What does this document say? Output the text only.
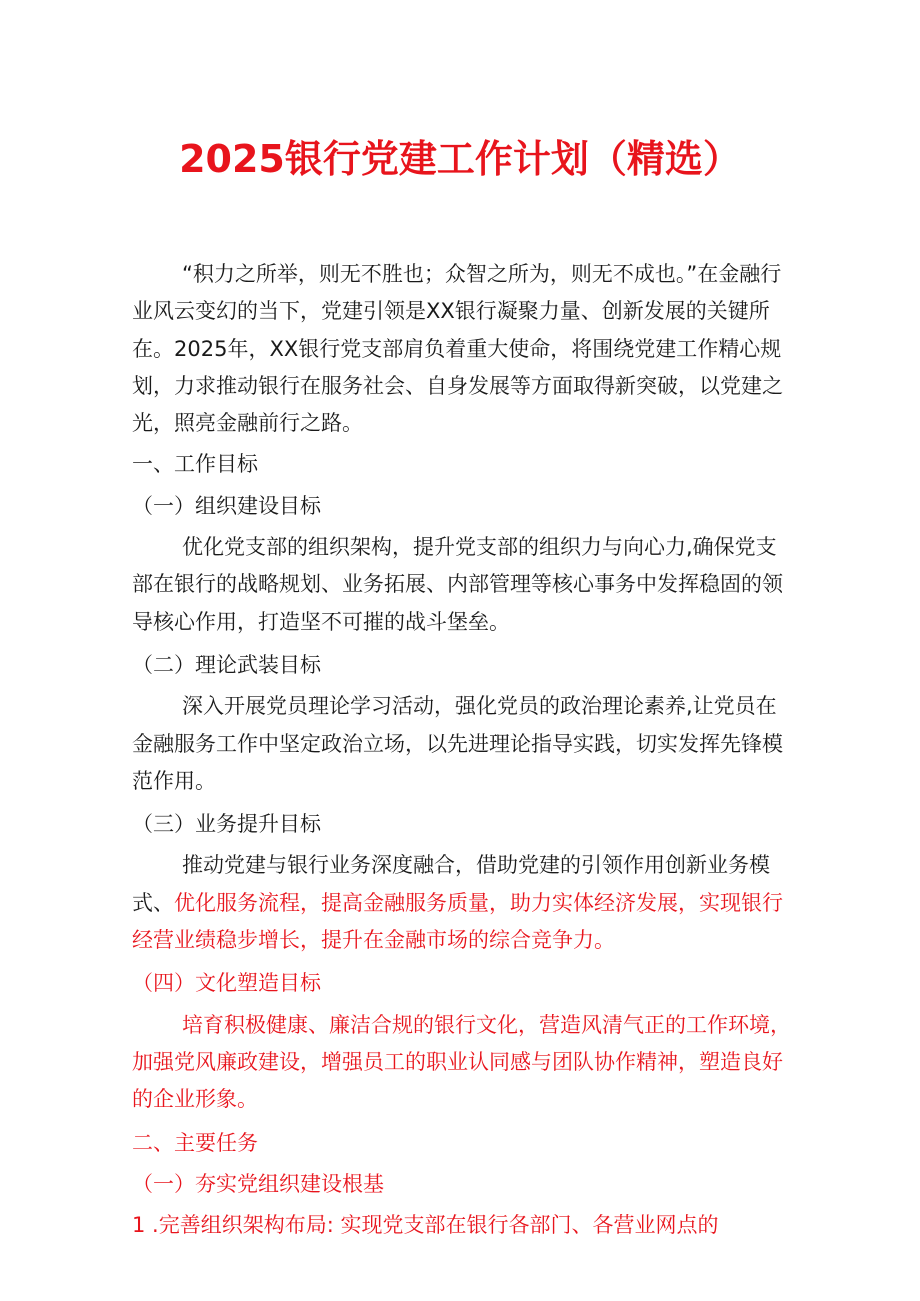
2025银行党建工作计划（精选）

“积力之所举，则无不胜也；众智之所为，则无不成也。”在金融行业风云变幻的当下，党建引领是XX银行凝聚力量、创新发展的关键所在。2025年，XX银行党支部肩负着重大使命，将围绕党建工作精心规划，力求推动银行在服务社会、自身发展等方面取得新突破，以党建之光，照亮金融前行之路。

一、工作目标

（一）组织建设目标

优化党支部的组织架构，提升党支部的组织力与向心力,确保党支部在银行的战略规划、业务拓展、内部管理等核心事务中发挥稳固的领导核心作用，打造坚不可摧的战斗堡垒。

（二）理论武装目标

深入开展党员理论学习活动，强化党员的政治理论素养,让党员在金融服务工作中坚定政治立场，以先进理论指导实践，切实发挥先锋模范作用。

（三）业务提升目标

推动党建与银行业务深度融合，借助党建的引领作用创新业务模式、优化服务流程，提高金融服务质量，助力实体经济发展，实现银行经营业绩稳步增长，提升在金融市场的综合竞争力。

（四）文化塑造目标

培育积极健康、廉洁合规的银行文化，营造风清气正的工作环境，加强党风廉政建设，增强员工的职业认同感与团队协作精神，塑造良好的企业形象。

二、主要任务

（一）夯实党组织建设根基

1 .完善组织架构布局: 实现党支部在银行各部门、各营业网点的
